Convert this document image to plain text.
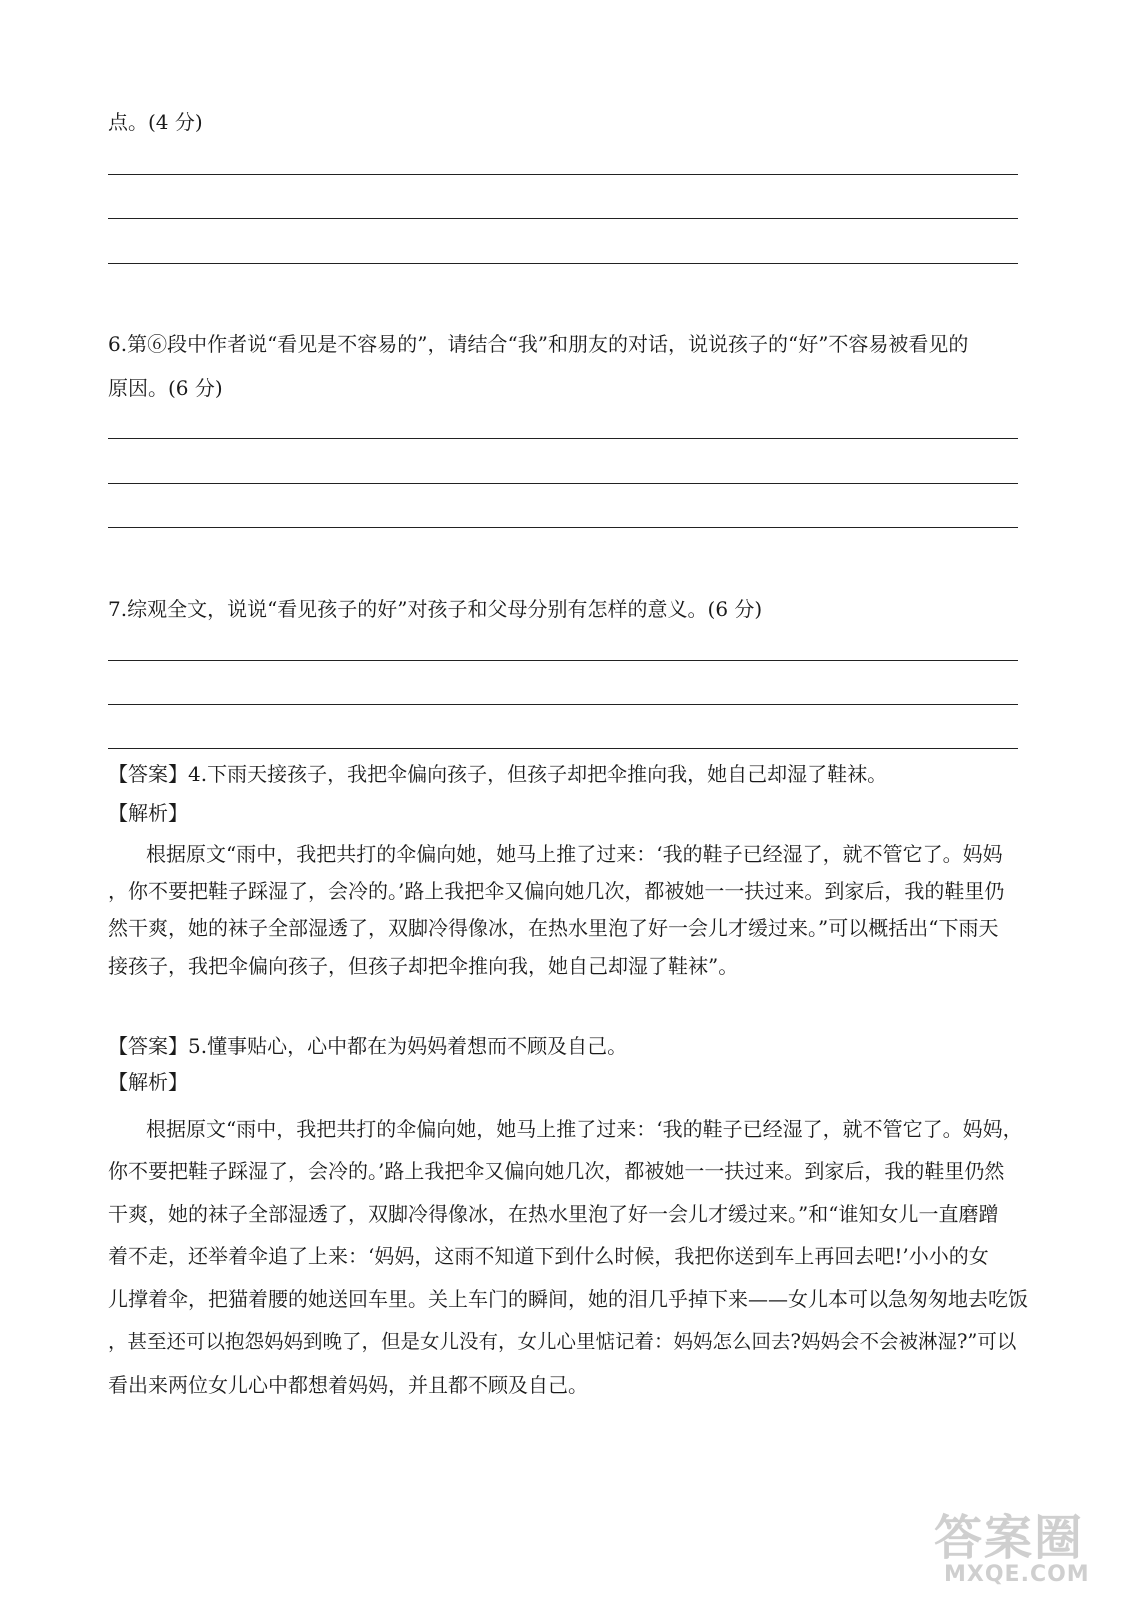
点。(4 分)
6.第⑥段中作者说“看见是不容易的”，请结合“我”和朋友的对话，说说孩子的“好”不容易被看见的
原因。(6 分)
7.综观全文，说说“看见孩子的好”对孩子和父母分别有怎样的意义。(6 分)
【答案】4.下雨天接孩子，我把伞偏向孩子，但孩子却把伞推向我，她自己却湿了鞋袜。
【解析】
根据原文“雨中，我把共打的伞偏向她，她马上推了过来：‘我的鞋子已经湿了，就不管它了。妈妈
，你不要把鞋子踩湿了，会冷的。’路上我把伞又偏向她几次，都被她一一扶过来。到家后，我的鞋里仍
然干爽，她的袜子全部湿透了，双脚冷得像冰，在热水里泡了好一会儿才缓过来。”可以概括出“下雨天
接孩子，我把伞偏向孩子，但孩子却把伞推向我，她自己却湿了鞋袜”。
【答案】5.懂事贴心，心中都在为妈妈着想而不顾及自己。
【解析】
根据原文“雨中，我把共打的伞偏向她，她马上推了过来：‘我的鞋子已经湿了，就不管它了。妈妈，
你不要把鞋子踩湿了，会冷的。’路上我把伞又偏向她几次，都被她一一扶过来。到家后，我的鞋里仍然
干爽，她的袜子全部湿透了，双脚冷得像冰，在热水里泡了好一会儿才缓过来。”和“谁知女儿一直磨蹭
着不走，还举着伞追了上来：‘妈妈，这雨不知道下到什么时候，我把你送到车上再回去吧!’小小的女
儿撑着伞，把猫着腰的她送回车里。关上车门的瞬间，她的泪几乎掉下来——女儿本可以急匆匆地去吃饭
，甚至还可以抱怨妈妈到晚了，但是女儿没有，女儿心里惦记着：妈妈怎么回去?妈妈会不会被淋湿?”可以
看出来两位女儿心中都想着妈妈，并且都不顾及自己。
答案圈
MXQE.COM
